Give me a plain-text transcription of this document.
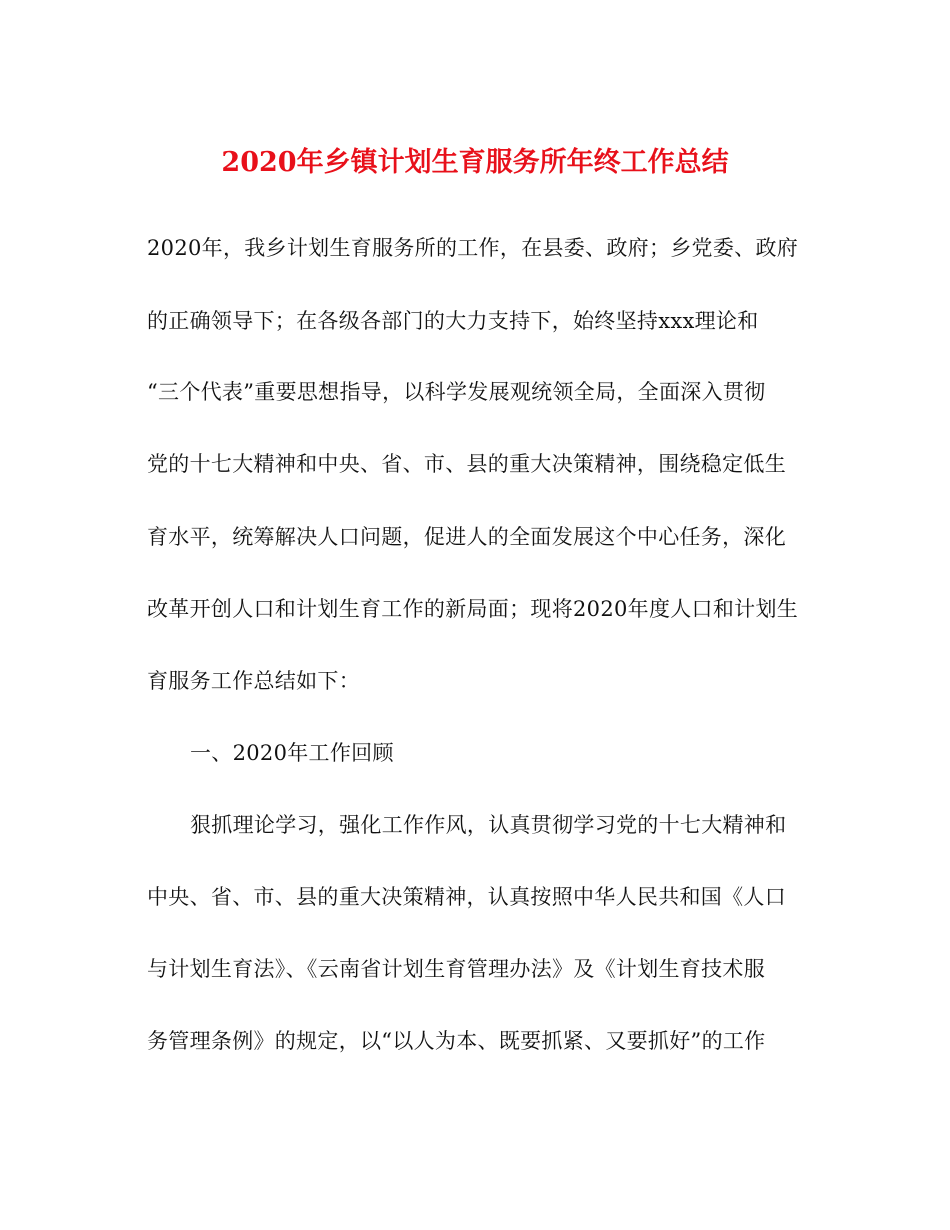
2020年乡镇计划生育服务所年终工作总结
2020年，我乡计划生育服务所的工作，在县委、政府；乡党委、政府
的正确领导下；在各级各部门的大力支持下，始终坚持xxx理论和
“三个代表”重要思想指导，以科学发展观统领全局，全面深入贯彻
党的十七大精神和中央、省、市、县的重大决策精神，围绕稳定低生
育水平，统筹解决人口问题，促进人的全面发展这个中心任务，深化
改革开创人口和计划生育工作的新局面；现将2020年度人口和计划生
育服务工作总结如下：
一、2020年工作回顾
狠抓理论学习，强化工作作风，认真贯彻学习党的十七大精神和
中央、省、市、县的重大决策精神，认真按照中华人民共和国《人口
与计划生育法》、《云南省计划生育管理办法》及《计划生育技术服
务管理条例》的规定，以“以人为本、既要抓紧、又要抓好”的工作
